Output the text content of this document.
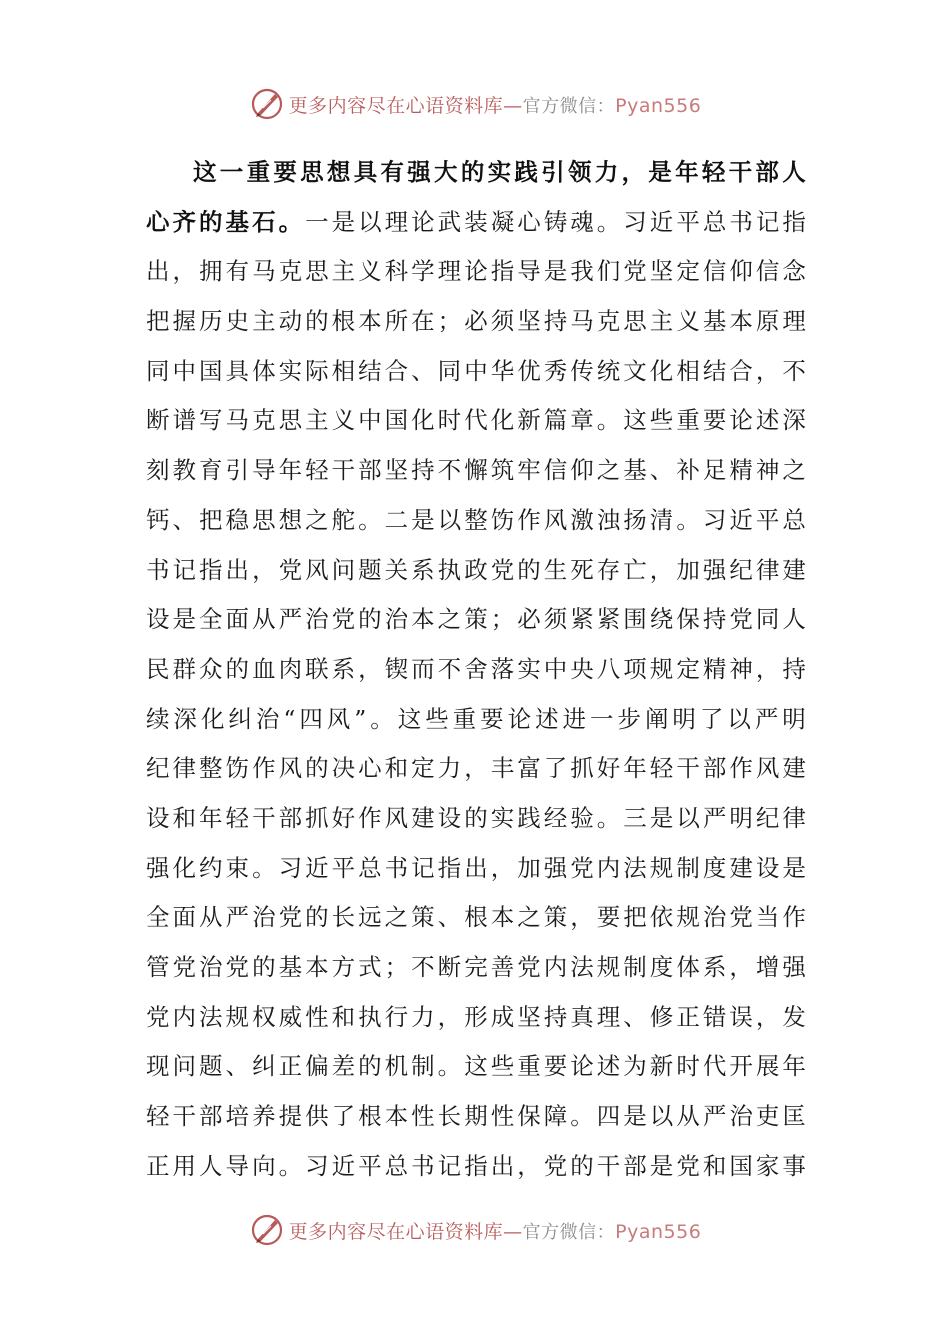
更多内容尽在心语资料库—官方微信：Pyan556
这 一 重 要 思 想 具 有 强 大 的 实 践 引 领 力 ， 是 年 轻 干 部 人
心 齐 的 基 石 。 一 是 以 理 论 武 装 凝 心 铸 魂 。 习 近 平 总 书 记 指
出 ， 拥 有 马 克 思 主 义 科 学 理 论 指 导 是 我 们 党 坚 定 信 仰 信 念
把 握 历 史 主 动 的 根 本 所 在 ； 必 须 坚 持 马 克 思 主 义 基 本 原 理
同 中 国 具 体 实 际 相 结 合 、 同 中 华 优 秀 传 统 文 化 相 结 合 ， 不
断 谱 写 马 克 思 主 义 中 国 化 时 代 化 新 篇 章 。 这 些 重 要 论 述 深
刻 教 育 引 导 年 轻 干 部 坚 持 不 懈 筑 牢 信 仰 之 基 、 补 足 精 神 之
钙 、 把 稳 思 想 之 舵 。 二 是 以 整 饬 作 风 激 浊 扬 清 。 习 近 平 总
书 记 指 出 ， 党 风 问 题 关 系 执 政 党 的 生 死 存 亡 ， 加 强 纪 律 建
设 是 全 面 从 严 治 党 的 治 本 之 策 ； 必 须 紧 紧 围 绕 保 持 党 同 人
民 群 众 的 血 肉 联 系 ， 锲 而 不 舍 落 实 中 央 八 项 规 定 精 神 ， 持
续 深 化 纠 治 “ 四 风 ” 。 这 些 重 要 论 述 进 一 步 阐 明 了 以 严 明
纪 律 整 饬 作 风 的 决 心 和 定 力 ， 丰 富 了 抓 好 年 轻 干 部 作 风 建
设 和 年 轻 干 部 抓 好 作 风 建 设 的 实 践 经 验 。 三 是 以 严 明 纪 律
强 化 约 束 。 习 近 平 总 书 记 指 出 ， 加 强 党 内 法 规 制 度 建 设 是
全 面 从 严 治 党 的 长 远 之 策 、 根 本 之 策 ， 要 把 依 规 治 党 当 作
管 党 治 党 的 基 本 方 式 ； 不 断 完 善 党 内 法 规 制 度 体 系 ， 增 强
党 内 法 规 权 威 性 和 执 行 力 ， 形 成 坚 持 真 理 、 修 正 错 误 ， 发
现 问 题 、 纠 正 偏 差 的 机 制 。 这 些 重 要 论 述 为 新 时 代 开 展 年
轻 干 部 培 养 提 供 了 根 本 性 长 期 性 保 障 。 四 是 以 从 严 治 吏 匡
正 用 人 导 向 。 习 近 平 总 书 记 指 出 ， 党 的 干 部 是 党 和 国 家 事
更多内容尽在心语资料库—官方微信：Pyan556
